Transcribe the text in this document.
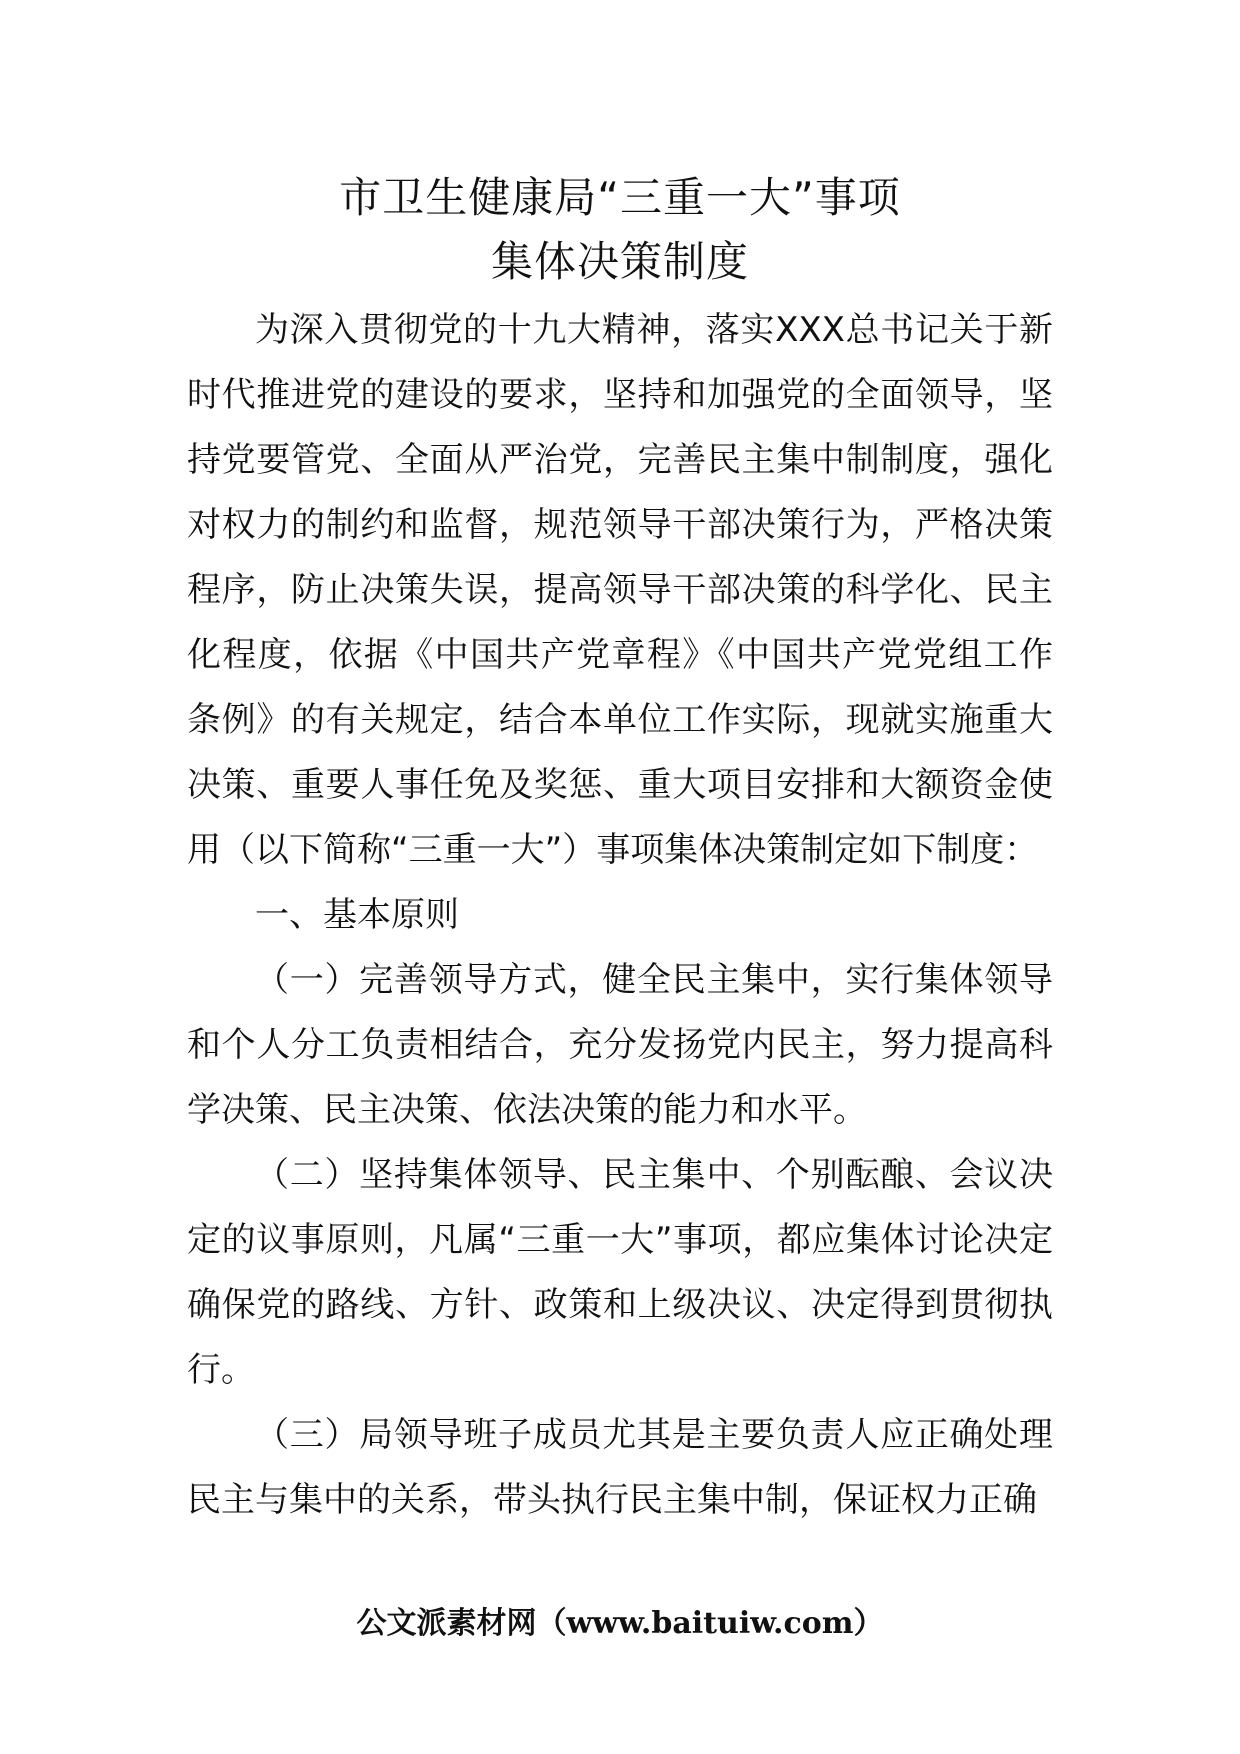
市卫生健康局“三重一大”事项
集体决策制度

为深入贯彻党的十九大精神，落实XXX总书记关于新时代推进党的建设的要求，坚持和加强党的全面领导，坚持党要管党、全面从严治党，完善民主集中制制度，强化对权力的制约和监督，规范领导干部决策行为，严格决策程序，防止决策失误，提高领导干部决策的科学化、民主化程度，依据《中国共产党章程》《中国共产党党组工作条例》的有关规定，结合本单位工作实际，现就实施重大决策、重要人事任免及奖惩、重大项目安排和大额资金使用（以下简称“三重一大”）事项集体决策制定如下制度：

一、基本原则

（一）完善领导方式，健全民主集中，实行集体领导和个人分工负责相结合，充分发扬党内民主，努力提高科学决策、民主决策、依法决策的能力和水平。

（二）坚持集体领导、民主集中、个别酝酿、会议决定的议事原则，凡属“三重一大”事项，都应集体讨论决定确保党的路线、方针、政策和上级决议、决定得到贯彻执行。

（三）局领导班子成员尤其是主要负责人应正确处理民主与集中的关系，带头执行民主集中制，保证权力正确

公文派素材网（www.baituiw.com）
